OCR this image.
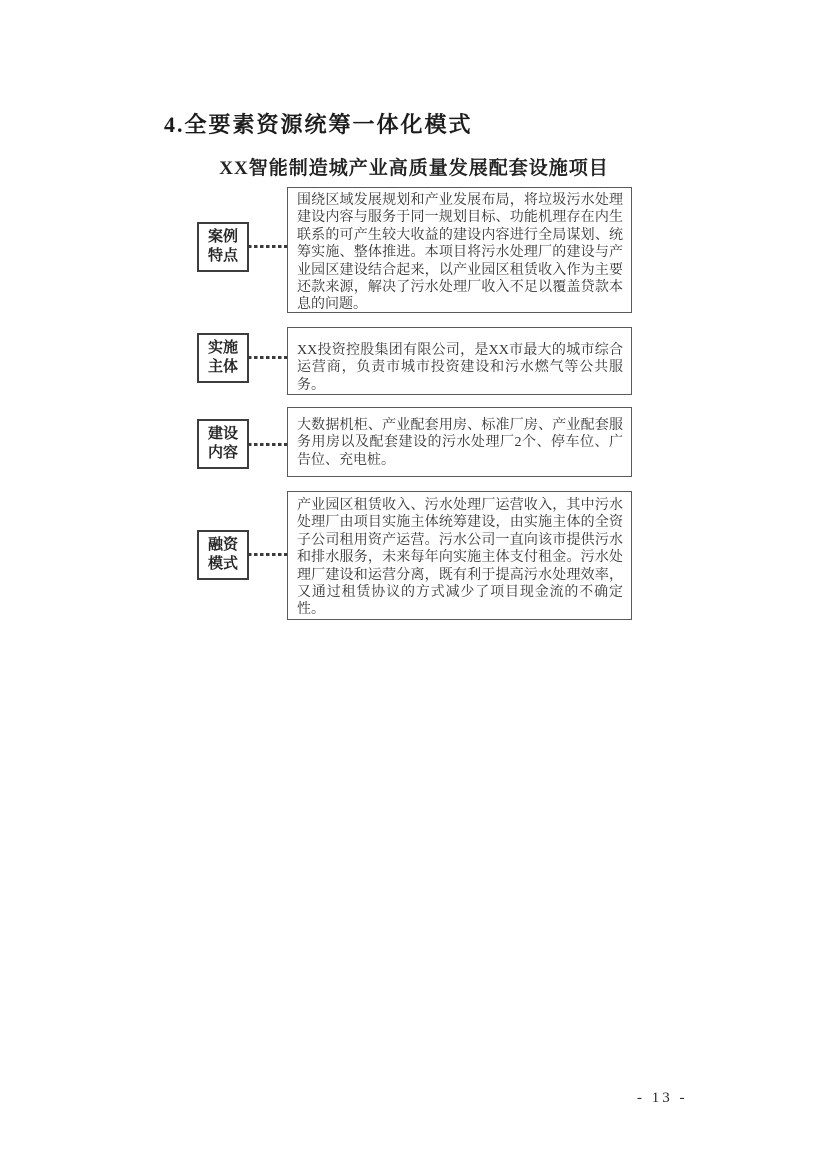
4.全要素资源统筹一体化模式
XX智能制造城产业高质量发展配套设施项目
案例
特点

围绕区域发展规划和产业发展布局，将垃圾污水处理建设内容与服务于同一规划目标、功能机理存在内生联系的可产生较大收益的建设内容进行全局谋划、统筹实施、整体推进。本项目将污水处理厂的建设与产业园区建设结合起来，以产业园区租赁收入作为主要还款来源，解决了污水处理厂收入不足以覆盖贷款本息的问题。

实施
主体

XX投资控股集团有限公司，是XX市最大的城市综合运营商，负责市城市投资建设和污水燃气等公共服务。

建设
内容

大数据机柜、产业配套用房、标准厂房、产业配套服务用房以及配套建设的污水处理厂2个、停车位、广告位、充电桩。

融资
模式

产业园区租赁收入、污水处理厂运营收入，其中污水处理厂由项目实施主体统筹建设，由实施主体的全资子公司租用资产运营。污水公司一直向该市提供污水和排水服务，未来每年向实施主体支付租金。污水处理厂建设和运营分离，既有利于提高污水处理效率，又通过租赁协议的方式减少了项目现金流的不确定性。

- 13 -
